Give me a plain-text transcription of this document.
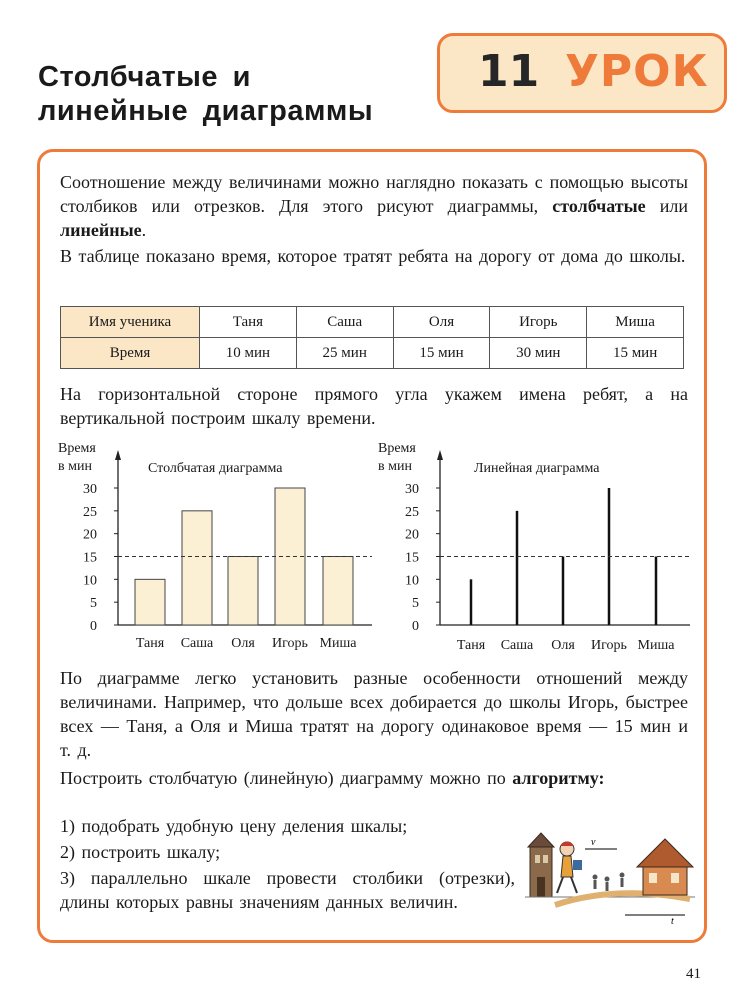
Столбчатые и
линейные диаграммы
11 УРОК
Соотношение между величинами можно наглядно показать с помощью высоты столбиков или отрезков. Для этого рисуют диаграммы, столбчатые или линейные.
В таблице показано время, которое тратят ребята на дорогу от дома до школы.
Имя ученика	Таня	Саша	Оля	Игорь	Миша
Время	10 мин	25 мин	15 мин	30 мин	15 мин
На горизонтальной стороне прямого угла укажем имена ребят, а на вертикальной построим шкалу времени.
Время
в мин	Столбчатая диаграмма
0
5
10
15
20
25
30
Таня Саша Оля Игорь Миша
Время
в мин	Линейная диаграмма
0
5
10
15
20
25
30
Таня Саша Оля Игорь Миша
По диаграмме легко установить разные особенности отношений между величинами. Например, что дольше всех добирается до школы Игорь, быстрее всех — Таня, а Оля и Миша тратят на дорогу одинаковое время — 15 мин и т. д.
Построить столбчатую (линейную) диаграмму можно по алгоритму:
1) подобрать удобную цену деления шкалы;
2) построить шкалу;
3) параллельно шкале провести столбики (отрезки), длины которых равны значениям данных величин.
v
t
41
